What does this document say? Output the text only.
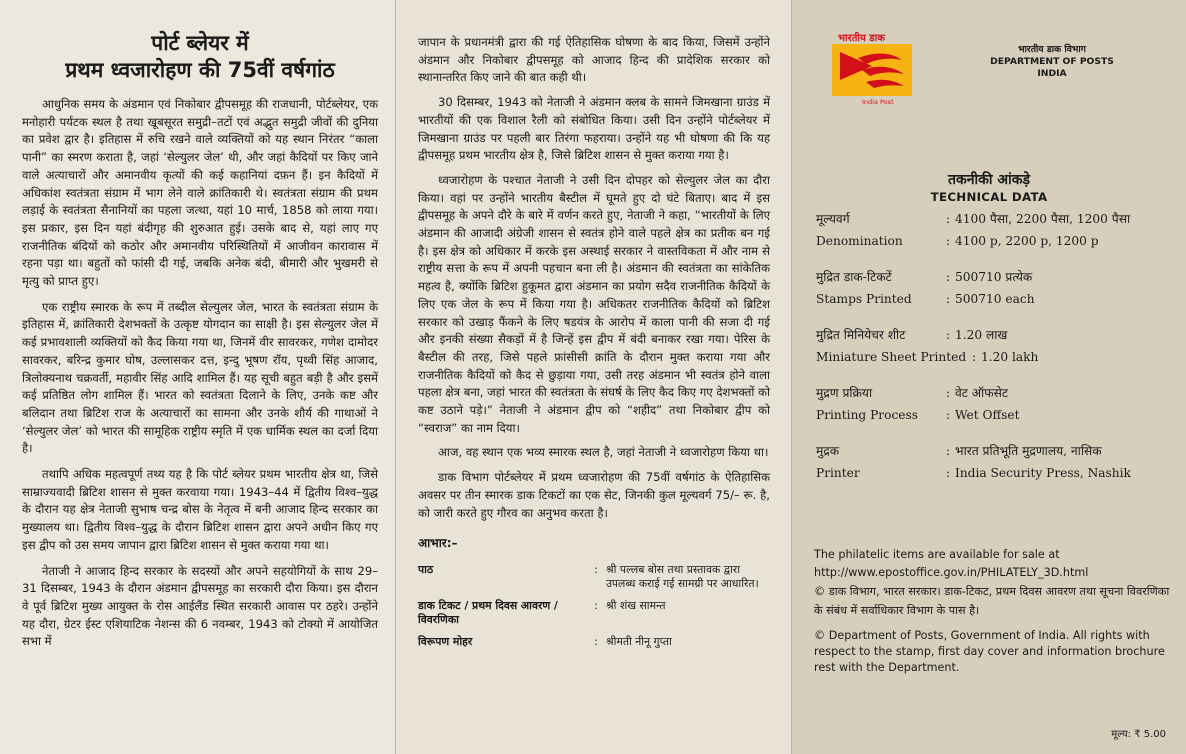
पोर्ट ब्लेयर में
प्रथम ध्वजारोहण की 75वीं वर्षगांठ

आधुनिक समय के अंडमान एवं निकोबार द्वीपसमूह की राजधानी, पोर्टब्लेयर, एक मनोहारी पर्यटक स्थल है तथा खूबसूरत समुद्री–तटों एवं अद्भुत समुद्री जीवों की दुनिया का प्रवेश द्वार है। इतिहास में रुचि रखने वाले व्यक्तियों को यह स्थान निरंतर “काला पानी” का स्मरण कराता है, जहां ‘सेल्युलर जेल’ थी, और जहां कैदियों पर किए जाने वाले अत्याचारों और अमानवीय कृत्यों की कई कहानियां दफ़न हैं। इन कैदियों में अधिकांश स्वतंत्रता संग्राम में भाग लेने वाले क्रांतिकारी थे। स्वतंत्रता संग्राम की प्रथम लड़ाई के स्वतंत्रता सैनानियों का पहला जत्था, यहां 10 मार्च, 1858 को लाया गया। इस प्रकार, इस दिन यहां बंदीगृह की शुरुआत हुई। उसके बाद से, यहां लाए गए राजनीतिक बंदियों को कठोर और अमानवीय परिस्थितियों में आजीवन कारावास में रहना पड़ा था। बहुतों को फांसी दी गई, जबकि अनेक बंदी, बीमारी और भुखमरी से मृत्यु को प्राप्त हुए।

एक राष्ट्रीय स्मारक के रूप में तब्दील सेल्युलर जेल, भारत के स्वतंत्रता संग्राम के इतिहास में, क्रांतिकारी देशभक्तों के उत्कृष्ट योगदान का साक्षी है। इस सेल्युलर जेल में कई प्रभावशाली व्यक्तियों को कैद किया गया था, जिनमें वीर सावरकर, गणेश दामोदर सावरकर, बरिन्द्र कुमार घोष, उल्लासकर दत्त, इन्दु भूषण रॉय, पृथ्वी सिंह आजाद, त्रिलोक्यनाथ चक्रवर्ती, महावीर सिंह आदि शामिल हैं। यह सूची बहुत बड़ी है और इसमें कई प्रतिष्ठित लोग शामिल हैं। भारत को स्वतंत्रता दिलाने के लिए, उनके कष्ट और बलिदान तथा ब्रिटिश राज के अत्याचारों का सामना और उनके शौर्य की गाथाओं ने ‘सेल्युलर जेल’ को भारत की सामूहिक राष्ट्रीय स्मृति में एक धार्मिक स्थल का दर्जा दिया है।

तथापि अधिक महत्वपूर्ण तथ्य यह है कि पोर्ट ब्लेयर प्रथम भारतीय क्षेत्र था, जिसे साम्राज्यवादी ब्रिटिश शासन से मुक्त करवाया गया। 1943–44 में द्वितीय विश्व–युद्ध के दौरान यह क्षेत्र नेताजी सुभाष चन्द्र बोस के नेतृत्व में बनी आजाद हिन्द सरकार का मुख्यालय था। द्वितीय विश्व–युद्ध के दौरान ब्रिटिश शासन द्वारा अपने अधीन किए गए इस द्वीप को उस समय जापान द्वारा ब्रिटिश शासन से मुक्त कराया गया था।

नेताजी ने आजाद हिन्द सरकार के सदस्यों और अपने सहयोगियों के साथ 29–31 दिसम्बर, 1943 के दौरान अंडमान द्वीपसमूह का सरकारी दौरा किया। इस दौरान वे पूर्व ब्रिटिश मुख्य आयुक्त के रोस आईलैंड स्थित सरकारी आवास पर ठहरे। उन्होंने यह दौरा, ग्रेटर ईस्ट एशियाटिक नेशन्स की 6 नवम्बर, 1943 को टोक्यो में आयोजित सभा में

जापान के प्रधानमंत्री द्वारा की गई ऐतिहासिक घोषणा के बाद किया, जिसमें उन्होंने अंडमान और निकोबार द्वीपसमूह को आजाद हिन्द की प्रादेशिक सरकार को स्थानान्तरित किए जाने की बात कही थी।

30 दिसम्बर, 1943 को नेताजी ने अंडमान क्लब के सामने जिमखाना ग्राउंड में भारतीयों की एक विशाल रैली को संबोधित किया। उसी दिन उन्होंने पोर्टब्लेयर में जिमखाना ग्राउंड पर पहली बार तिरंगा फहराया। उन्होंने यह भी घोषणा की कि यह द्वीपसमूह प्रथम भारतीय क्षेत्र है, जिसे ब्रिटिश शासन से मुक्त कराया गया है।

ध्वजारोहण के पश्चात नेताजी ने उसी दिन दोपहर को सेल्युलर जेल का दौरा किया। वहां पर उन्होंने भारतीय बैस्टील में घूमते हुए दो घंटे बिताए। बाद में इस द्वीपसमूह के अपने दौरे के बारे में वर्णन करते हुए, नेताजी ने कहा, “भारतीयों के लिए अंडमान की आजादी अंग्रेजी शासन से स्वतंत्र होने वाले पहले क्षेत्र का प्रतीक बन गई है। इस क्षेत्र को अधिकार में करके इस अस्थाई सरकार ने वास्तविकता में और नाम से राष्ट्रीय सत्ता के रूप में अपनी पहचान बना ली है। अंडमान की स्वतंत्रता का सांकेतिक महत्व है, क्योंकि ब्रिटिश हुकूमत द्वारा अंडमान का प्रयोग सदैव राजनीतिक कैदियों के लिए एक जेल के रूप में किया गया है। अधिकतर राजनीतिक कैदियों को ब्रिटिश सरकार को उखाड़ फैंकने के लिए षडयंत्र के आरोप में काला पानी की सजा दी गई और इनकी संख्या सैकड़ों में है जिन्हें इस द्वीप में बंदी बनाकर रखा गया। पेरिस के बैस्टील की तरह, जिसे पहले फ्रांसीसी क्रांति के दौरान मुक्त कराया गया और राजनीतिक कैदियों को कैद से छुड़ाया गया, उसी तरह अंडमान भी स्वतंत्र होने वाला पहला क्षेत्र बना, जहां भारत की स्वतंत्रता के संघर्ष के लिए कैद किए गए देशभक्तों को कष्ट उठाने पड़े।” नेताजी ने अंडमान द्वीप को “शहीद” तथा निकोबार द्वीप को “स्वराज” का नाम दिया।

आज, वह स्थान एक भव्य स्मारक स्थल है, जहां नेताजी ने ध्वजारोहण किया था।

डाक विभाग पोर्टब्लेयर में प्रथम ध्वजारोहण की 75वीं वर्षगांठ के ऐतिहासिक अवसर पर तीन स्मारक डाक टिकटों का एक सेट, जिनकी कुल मूल्यवर्ग 75/– रू. है, को जारी करते हुए गौरव का अनुभव करता है।

आभार:–
पाठ	:	श्री पल्लब बोस तथा प्रस्तावक द्वारा उपलब्ध कराई गई सामग्री पर आधारित।
डाक टिकट / प्रथम दिवस आवरण / विवरणिका	:	श्री शंख सामन्त
विरूपण मोहर	:	श्रीमती नीनू गुप्ता
भारतीय डाक
India Post
भारतीय डाक विभाग
DEPARTMENT OF POSTS
INDIA
तकनीकी आंकड़े
TECHNICAL DATA
मूल्यवर्ग	: 4100 पैसा, 2200 पैसा, 1200 पैसा
Denomination	: 4100 p, 2200 p, 1200 p
मुद्रित डाक-टिकटें	: 500710 प्रत्येक
Stamps Printed	: 500710 each
मुद्रित मिनियेचर शीट	: 1.20 लाख
Miniature Sheet Printed : 1.20 lakh
मुद्रण प्रक्रिया	: वेट ऑफसेट
Printing Process	: Wet Offset
मुद्रक	: भारत प्रतिभूति मुद्रणालय, नासिक
Printer	: India Security Press, Nashik

The philatelic items are available for sale at

http://www.epostoffice.gov.in/PHILATELY_3D.html

© डाक विभाग, भारत सरकार। डाक-टिकट, प्रथम दिवस आवरण तथा सूचना विवरणिका के संबंध में सर्वाधिकार विभाग के पास है।

© Department of Posts, Government of India. All rights with respect to the stamp, first day cover and information brochure rest with the Department.

मूल्य: ₹ 5.00
